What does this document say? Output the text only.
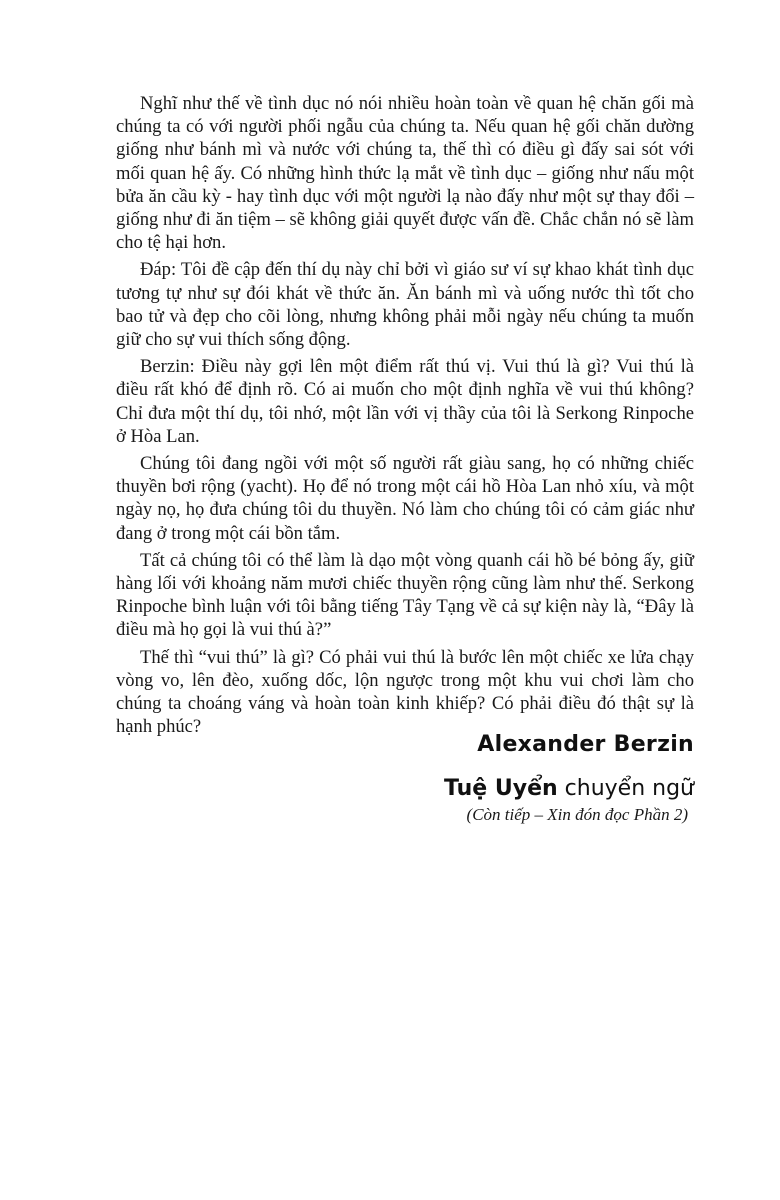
Nghĩ như thế về tình dục nó nói nhiều hoàn toàn về quan hệ chăn gối mà chúng ta có với người phối ngẫu của chúng ta. Nếu quan hệ gối chăn dường giống như bánh mì và nước với chúng ta, thế thì có điều gì đấy sai sót với mối quan hệ ấy. Có những hình thức lạ mắt về tình dục – giống như nấu một bửa ăn cầu kỳ - hay tình dục với một người lạ nào đấy như một sự thay đổi – giống như đi ăn tiệm – sẽ không giải quyết được vấn đề. Chắc chắn nó sẽ làm cho tệ hại hơn.

Đáp: Tôi đề cập đến thí dụ này chỉ bởi vì giáo sư ví sự khao khát tình dục tương tự như sự đói khát về thức ăn. Ăn bánh mì và uống nước thì tốt cho bao tử và đẹp cho cõi lòng, nhưng không phải mỗi ngày nếu chúng ta muốn giữ cho sự vui thích sống động.

Berzin: Điều này gợi lên một điểm rất thú vị. Vui thú là gì? Vui thú là điều rất khó để định rõ. Có ai muốn cho một định nghĩa về vui thú không? Chỉ đưa một thí dụ, tôi nhớ, một lần với vị thầy của tôi là Serkong Rinpoche ở Hòa Lan.

Chúng tôi đang ngồi với một số người rất giàu sang, họ có những chiếc thuyền bơi rộng (yacht). Họ để nó trong một cái hồ Hòa Lan nhỏ xíu, và một ngày nọ, họ đưa chúng tôi du thuyền. Nó làm cho chúng tôi có cảm giác như đang ở trong một cái bồn tắm.

Tất cả chúng tôi có thể làm là dạo một vòng quanh cái hồ bé bỏng ấy, giữ hàng lối với khoảng năm mươi chiếc thuyền rộng cũng làm như thế. Serkong Rinpoche bình luận với tôi bằng tiếng Tây Tạng về cả sự kiện này là, “Đây là điều mà họ gọi là vui thú à?”

Thế thì “vui thú” là gì? Có phải vui thú là bước lên một chiếc xe lửa chạy vòng vo, lên đèo, xuống dốc, lộn ngược trong một khu vui chơi làm cho chúng ta choáng váng và hoàn toàn kinh khiếp? Có phải điều đó thật sự là hạnh phúc?

Alexander Berzin
Tuệ Uyển chuyển ngữ
(Còn tiếp – Xin đón đọc Phần 2)
